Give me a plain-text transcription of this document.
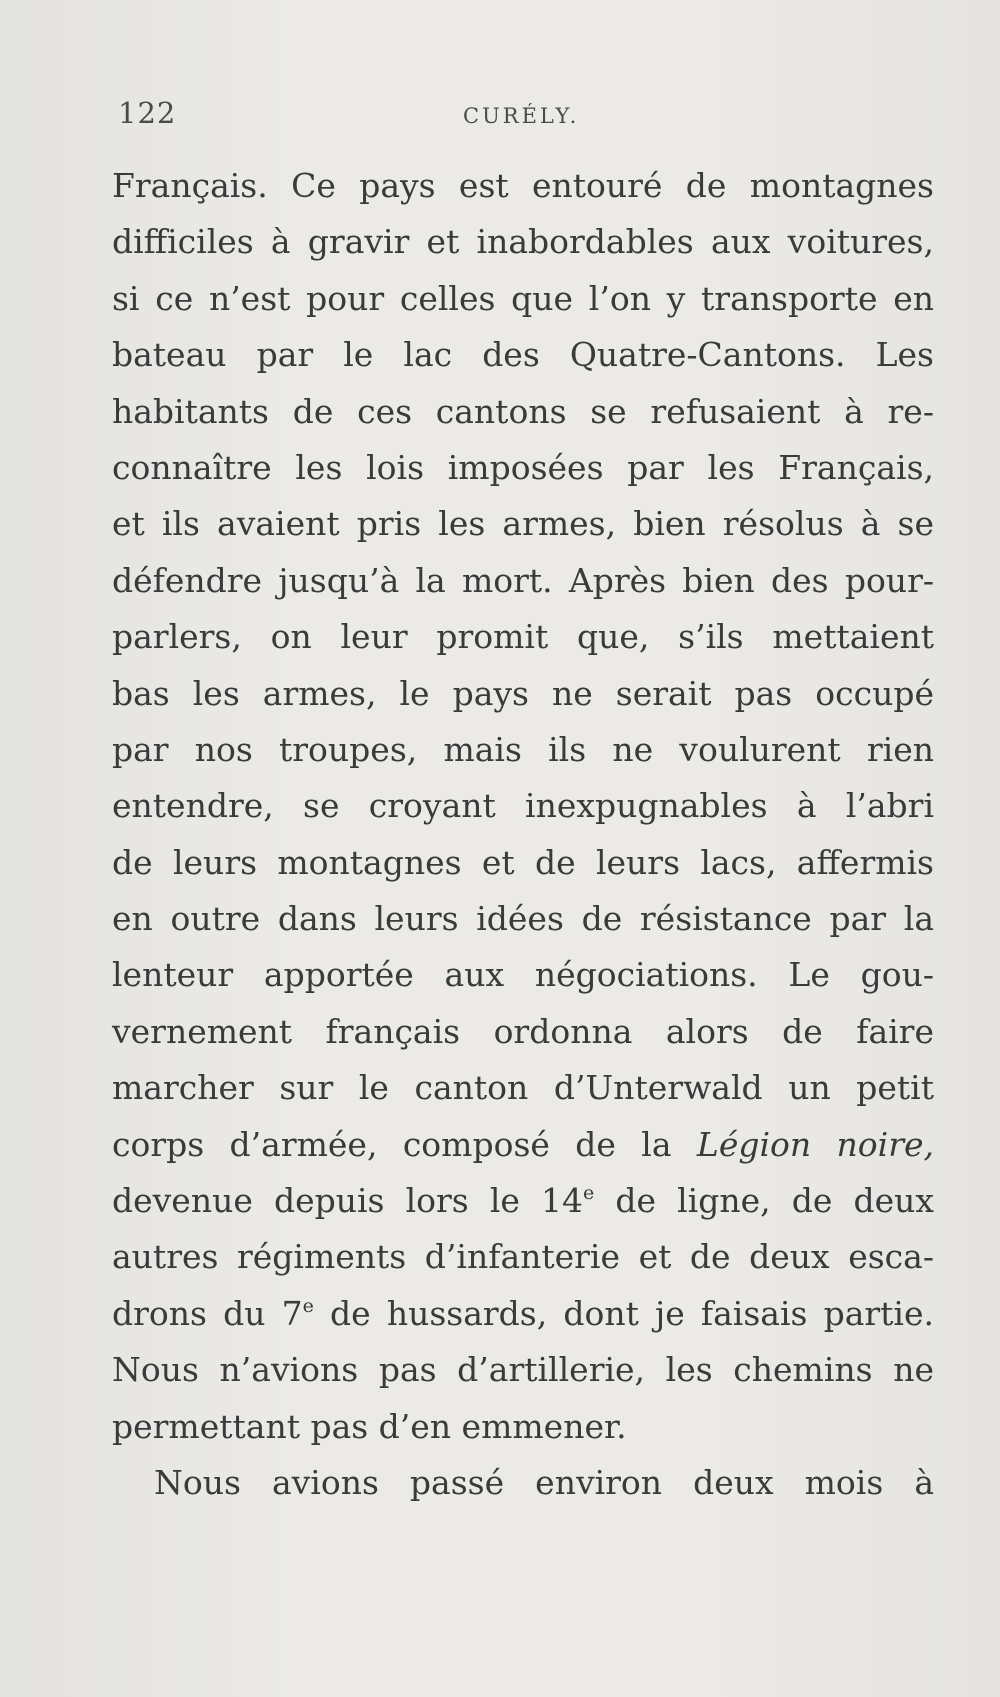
122	CURÉLY.
Français. Ce pays est entouré de montagnes
difficiles à gravir et inabordables aux voitures,
si ce n’est pour celles que l’on y transporte en
bateau par le lac des Quatre-Cantons. Les
habitants de ces cantons se refusaient à re-
connaître les lois imposées par les Français,
et ils avaient pris les armes, bien résolus à se
défendre jusqu’à la mort. Après bien des pour-
parlers, on leur promit que, s’ils mettaient
bas les armes, le pays ne serait pas occupé
par nos troupes, mais ils ne voulurent rien
entendre, se croyant inexpugnables à l’abri
de leurs montagnes et de leurs lacs, affermis
en outre dans leurs idées de résistance par la
lenteur apportée aux négociations. Le gou-
vernement français ordonna alors de faire
marcher sur le canton d’Unterwald un petit
corps d’armée, composé de la Légion noire,
devenue depuis lors le 14e de ligne, de deux
autres régiments d’infanterie et de deux esca-
drons du 7e de hussards, dont je faisais partie.
Nous n’avions pas d’artillerie, les chemins ne
permettant pas d’en emmener.
Nous avions passé environ deux mois à
